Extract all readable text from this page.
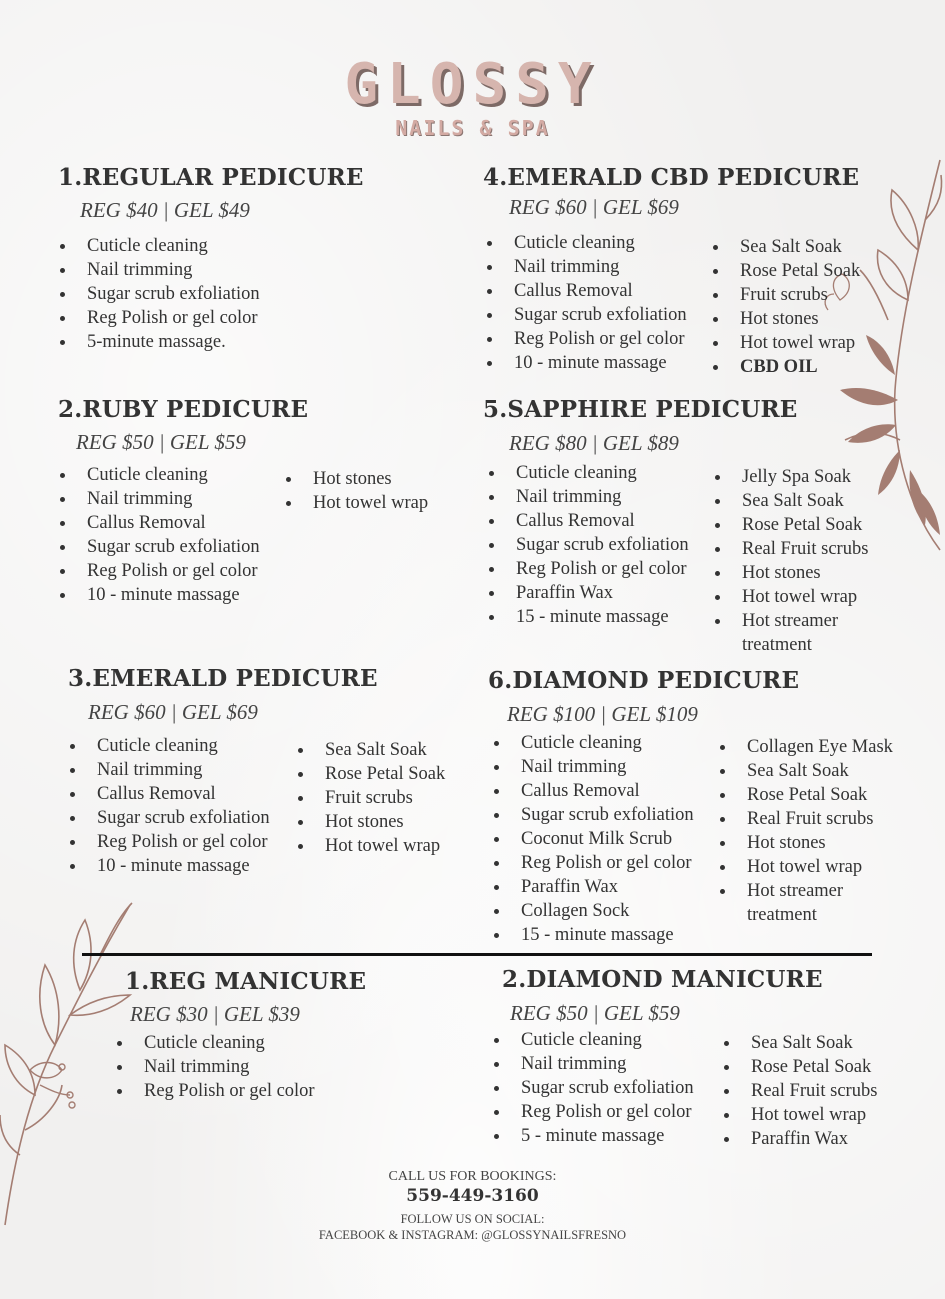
GLOSSY
NAILS & SPA
1.REGULAR PEDICURE
REG $40 | GEL $49
Cuticle cleaning
Nail trimming
Sugar scrub exfoliation
Reg Polish or gel color
5-minute massage.
4.EMERALD CBD PEDICURE
REG $60 | GEL $69
Cuticle cleaning
Nail trimming
Callus Removal
Sugar scrub exfoliation
Reg Polish or gel color
10 - minute massage
Sea Salt Soak
Rose Petal Soak
Fruit scrubs
Hot stones
Hot towel wrap
CBD OIL
2.RUBY PEDICURE
REG $50 | GEL $59
Cuticle cleaning
Nail trimming
Callus Removal
Sugar scrub exfoliation
Reg Polish or gel color
10 - minute massage
Hot stones
Hot towel wrap
5.SAPPHIRE PEDICURE
REG $80 | GEL $89
Cuticle cleaning
Nail trimming
Callus Removal
Sugar scrub exfoliation
Reg Polish or gel color
Paraffin Wax
15 - minute massage
Jelly Spa Soak
Sea Salt Soak
Rose Petal Soak
Real Fruit scrubs
Hot stones
Hot towel wrap
Hot streamer
treatment
3.EMERALD PEDICURE
REG $60 | GEL $69
Cuticle cleaning
Nail trimming
Callus Removal
Sugar scrub exfoliation
Reg Polish or gel color
10 - minute massage
Sea Salt Soak
Rose Petal Soak
Fruit scrubs
Hot stones
Hot towel wrap
6.DIAMOND PEDICURE
REG $100 | GEL $109
Cuticle cleaning
Nail trimming
Callus Removal
Sugar scrub exfoliation
Coconut Milk Scrub
Reg Polish or gel color
Paraffin Wax
Collagen Sock
15 - minute massage
Collagen Eye Mask
Sea Salt Soak
Rose Petal Soak
Real Fruit scrubs
Hot stones
Hot towel wrap
Hot streamer
treatment
1.REG MANICURE
REG $30 | GEL $39
Cuticle cleaning
Nail trimming
Reg Polish or gel color
2.DIAMOND MANICURE
REG $50 | GEL $59
Cuticle cleaning
Nail trimming
Sugar scrub exfoliation
Reg Polish or gel color
5 - minute massage
Sea Salt Soak
Rose Petal Soak
Real Fruit scrubs
Hot towel wrap
Paraffin Wax
CALL US FOR BOOKINGS:
559-449-3160
FOLLOW US ON SOCIAL:
FACEBOOK & INSTAGRAM: @GLOSSYNAILSFRESNO
